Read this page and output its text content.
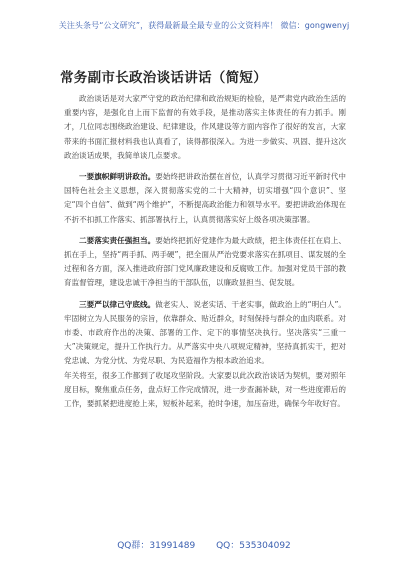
关注头条号“公文研究”，获得最新最全最专业的公文资料库！ 微信：gongwenyj
常务副市长政治谈话讲话（简短）

政治谈话是对大家严守党的政治纪律和政治规矩的检验，是严肃党内政治生活的重要内容，是强化自上而下监督的有效手段，是推动落实主体责任的有力抓手。刚才，几位同志围绕政治建设、纪律建设，作风建设等方面内容作了很好的发言，大家带来的书面汇报材料我也认真看了，读得都很深入。为进一步做实、巩固、提升这次政治谈话成果，我简单谈几点要求。

一要旗帜鲜明讲政治。要始终把讲政治摆在首位，认真学习贯彻习近平新时代中国特色社会主义思想，深入贯彻落实党的二十大精神，切实增强“四个意识”、坚定“四个自信”、做到“两个维护”，不断提高政治能力和领导水平。要把讲政治体现在不折不扣抓工作落实、抓部署执行上，认真贯彻落实好上级各项决策部署。

二要落实责任强担当。要始终把抓好党建作为最大政绩，把主体责任扛在肩上、抓在手上，坚持“两手抓、两手硬”，把全面从严治党要求落实在抓项目、谋发展的全过程和各方面，深入推进政府部门党风廉政建设和反腐败工作。加强对党员干部的教育监督管理，建设忠诚干净担当的干部队伍，以廉政显担当、促发展。

三要严以律己守底线。做老实人、说老实话、干老实事，做政治上的“明白人”。牢固树立为人民服务的宗旨，依靠群众、贴近群众，时刻保持与群众的血肉联系。对市委、市政府作出的决策、部署的工作、定下的事情坚决执行。坚决落实“三重一大”决策规定，提升工作执行力。从严落实中央八项规定精神，坚持真抓实干，把对党忠诚、为党分忧、为党尽职、为民造福作为根本政治追求。

年关将至，很多工作都到了收尾攻坚阶段。大家要以此次政治谈话为契机，要对照年度目标，聚焦重点任务，盘点好工作完成情况，进一步查漏补缺，对一些进度滞后的工作，要抓紧把进度抢上来，短板补起来，抢时争速，加压奋进，确保今年收好官。

QQ群：31991489 QQ：535304092
